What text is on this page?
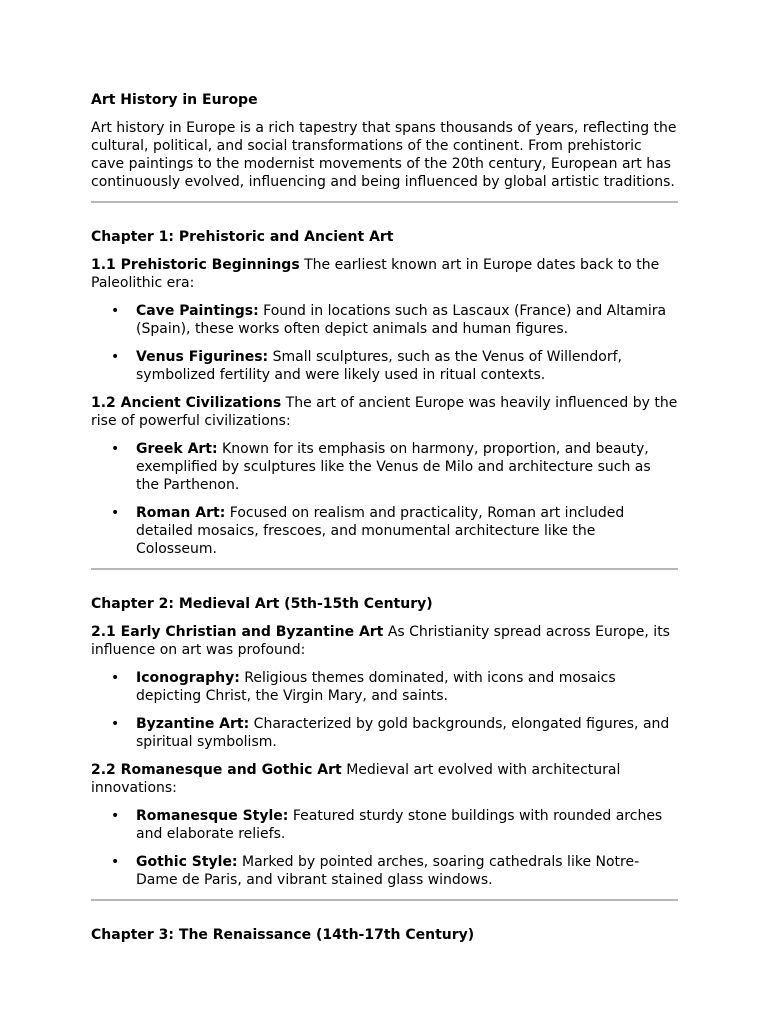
Art History in Europe

Art history in Europe is a rich tapestry that spans thousands of years, reflecting the cultural, political, and social transformations of the continent. From prehistoric cave paintings to the modernist movements of the 20th century, European art has continuously evolved, influencing and being influenced by global artistic traditions.

Chapter 1: Prehistoric and Ancient Art

1.1 Prehistoric Beginnings The earliest known art in Europe dates back to the Paleolithic era:

• Cave Paintings: Found in locations such as Lascaux (France) and Altamira (Spain), these works often depict animals and human figures.
• Venus Figurines: Small sculptures, such as the Venus of Willendorf, symbolized fertility and were likely used in ritual contexts.

1.2 Ancient Civilizations The art of ancient Europe was heavily influenced by the rise of powerful civilizations:

• Greek Art: Known for its emphasis on harmony, proportion, and beauty, exemplified by sculptures like the Venus de Milo and architecture such as the Parthenon.
• Roman Art: Focused on realism and practicality, Roman art included detailed mosaics, frescoes, and monumental architecture like the Colosseum.
Chapter 2: Medieval Art (5th-15th Century)

2.1 Early Christian and Byzantine Art As Christianity spread across Europe, its influence on art was profound:

• Iconography: Religious themes dominated, with icons and mosaics depicting Christ, the Virgin Mary, and saints.
• Byzantine Art: Characterized by gold backgrounds, elongated figures, and spiritual symbolism.

2.2 Romanesque and Gothic Art Medieval art evolved with architectural innovations:

• Romanesque Style: Featured sturdy stone buildings with rounded arches and elaborate reliefs.
• Gothic Style: Marked by pointed arches, soaring cathedrals like Notre-Dame de Paris, and vibrant stained glass windows.
Chapter 3: The Renaissance (14th-17th Century)
